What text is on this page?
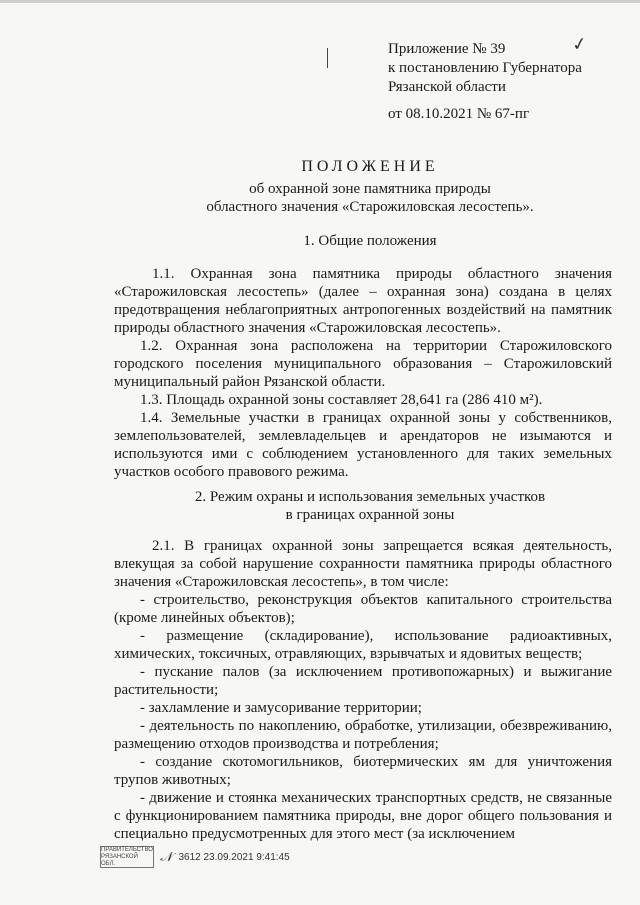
✓
Приложение № 39
к постановлению Губернатора
Рязанской области
от 08.10.2021 № 67-пг
ПОЛОЖЕНИЕ
об охранной зоне памятника природы
областного значения «Старожиловская лесостепь».
1. Общие положения

1.1. Охранная зона памятника природы областного значения «Старожиловская лесостепь» (далее – охранная зона) создана в целях предотвращения неблагоприятных антропогенных воздействий на памятник природы областного значения «Старожиловская лесостепь».

1.2. Охранная зона расположена на территории Старожиловского городского поселения муниципального образования – Старожиловский муниципальный район Рязанской области.

1.3. Площадь охранной зоны составляет 28,641 га (286 410 м²).

1.4. Земельные участки в границах охранной зоны у собственников, землепользователей, землевладельцев и арендаторов не изымаются и используются ими с соблюдением установленного для таких земельных участков особого правового режима.

2. Режим охраны и использования земельных участков
в границах охранной зоны

2.1. В границах охранной зоны запрещается всякая деятельность, влекущая за собой нарушение сохранности памятника природы областного значения «Старожиловская лесостепь», в том числе:

- строительство, реконструкция объектов капитального строительства (кроме линейных объектов);

- размещение (складирование), использование радиоактивных, химических, токсичных, отравляющих, взрывчатых и ядовитых веществ;

- пускание палов (за исключением противопожарных) и выжигание растительности;

- захламление и замусоривание территории;

- деятельность по накоплению, обработке, утилизации, обезвреживанию, размещению отходов производства и потребления;

- создание скотомогильников, биотермических ям для уничтожения трупов животных;

- движение и стоянка механических транспортных средств, не связанные с функционированием памятника природы, вне дорог общего пользования и специально предусмотренных для этого мест (за исключением

ПРАВИТЕЛЬСТВО
РЯЗАНСКОЙ ОБЛ.	𝒩 3612 23.09.2021 9:41:45
